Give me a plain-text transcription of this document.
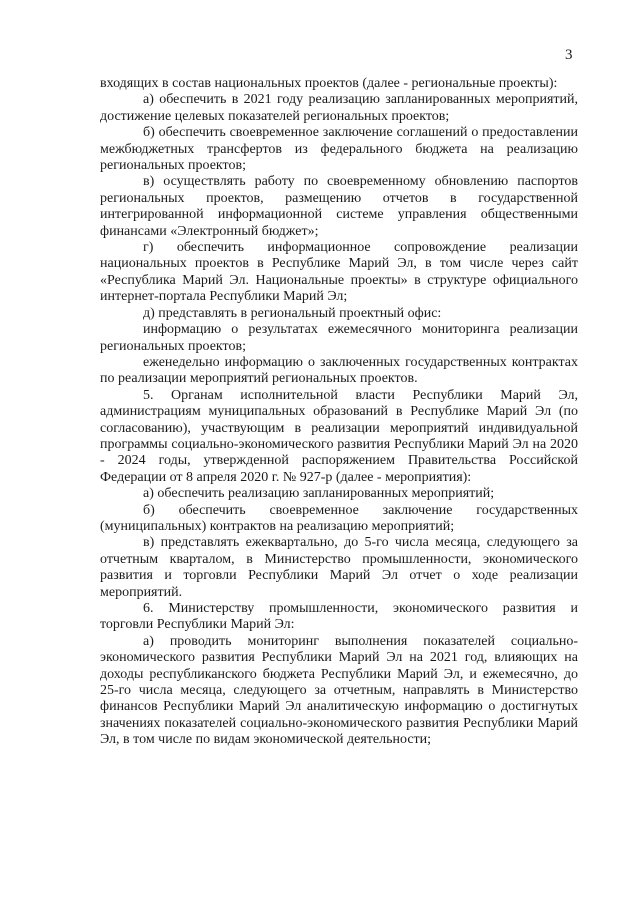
3

входящих в состав национальных проектов (далее - региональные проекты):

а) обеспечить в 2021 году реализацию запланированных мероприятий, достижение целевых показателей региональных проектов;

б) обеспечить своевременное заключение соглашений о предоставлении межбюджетных трансфертов из федерального бюджета на реализацию региональных проектов;

в) осуществлять работу по своевременному обновлению паспортов региональных проектов, размещению отчетов в государственной интегрированной информационной системе управления общественными финансами «Электронный бюджет»;

г) обеспечить информационное сопровождение реализации национальных проектов в Республике Марий Эл, в том числе через сайт «Республика Марий Эл. Национальные проекты» в структуре официального интернет-портала Республики Марий Эл;

д) представлять в региональный проектный офис:

информацию о результатах ежемесячного мониторинга реализации региональных проектов;

еженедельно информацию о заключенных государственных контрактах по реализации мероприятий региональных проектов.

5. Органам исполнительной власти Республики Марий Эл, администрациям муниципальных образований в Республике Марий Эл (по согласованию), участвующим в реализации мероприятий индивидуальной программы социально-экономического развития Республики Марий Эл на 2020 - 2024 годы, утвержденной распоряжением Правительства Российской Федерации от 8 апреля 2020 г. № 927-р (далее - мероприятия):

а) обеспечить реализацию запланированных мероприятий;

б) обеспечить своевременное заключение государственных (муниципальных) контрактов на реализацию мероприятий;

в) представлять ежеквартально, до 5-го числа месяца, следующего за отчетным кварталом, в Министерство промышленности, экономического развития и торговли Республики Марий Эл отчет о ходе реализации мероприятий.

6. Министерству промышленности, экономического развития и торговли Республики Марий Эл:

а) проводить мониторинг выполнения показателей социально-экономического развития Республики Марий Эл на 2021 год, влияющих на доходы республиканского бюджета Республики Марий Эл, и ежемесячно, до 25-го числа месяца, следующего за отчетным, направлять в Министерство финансов Республики Марий Эл аналитическую информацию о достигнутых значениях показателей социально-экономического развития Республики Марий Эл, в том числе по видам экономической деятельности;
